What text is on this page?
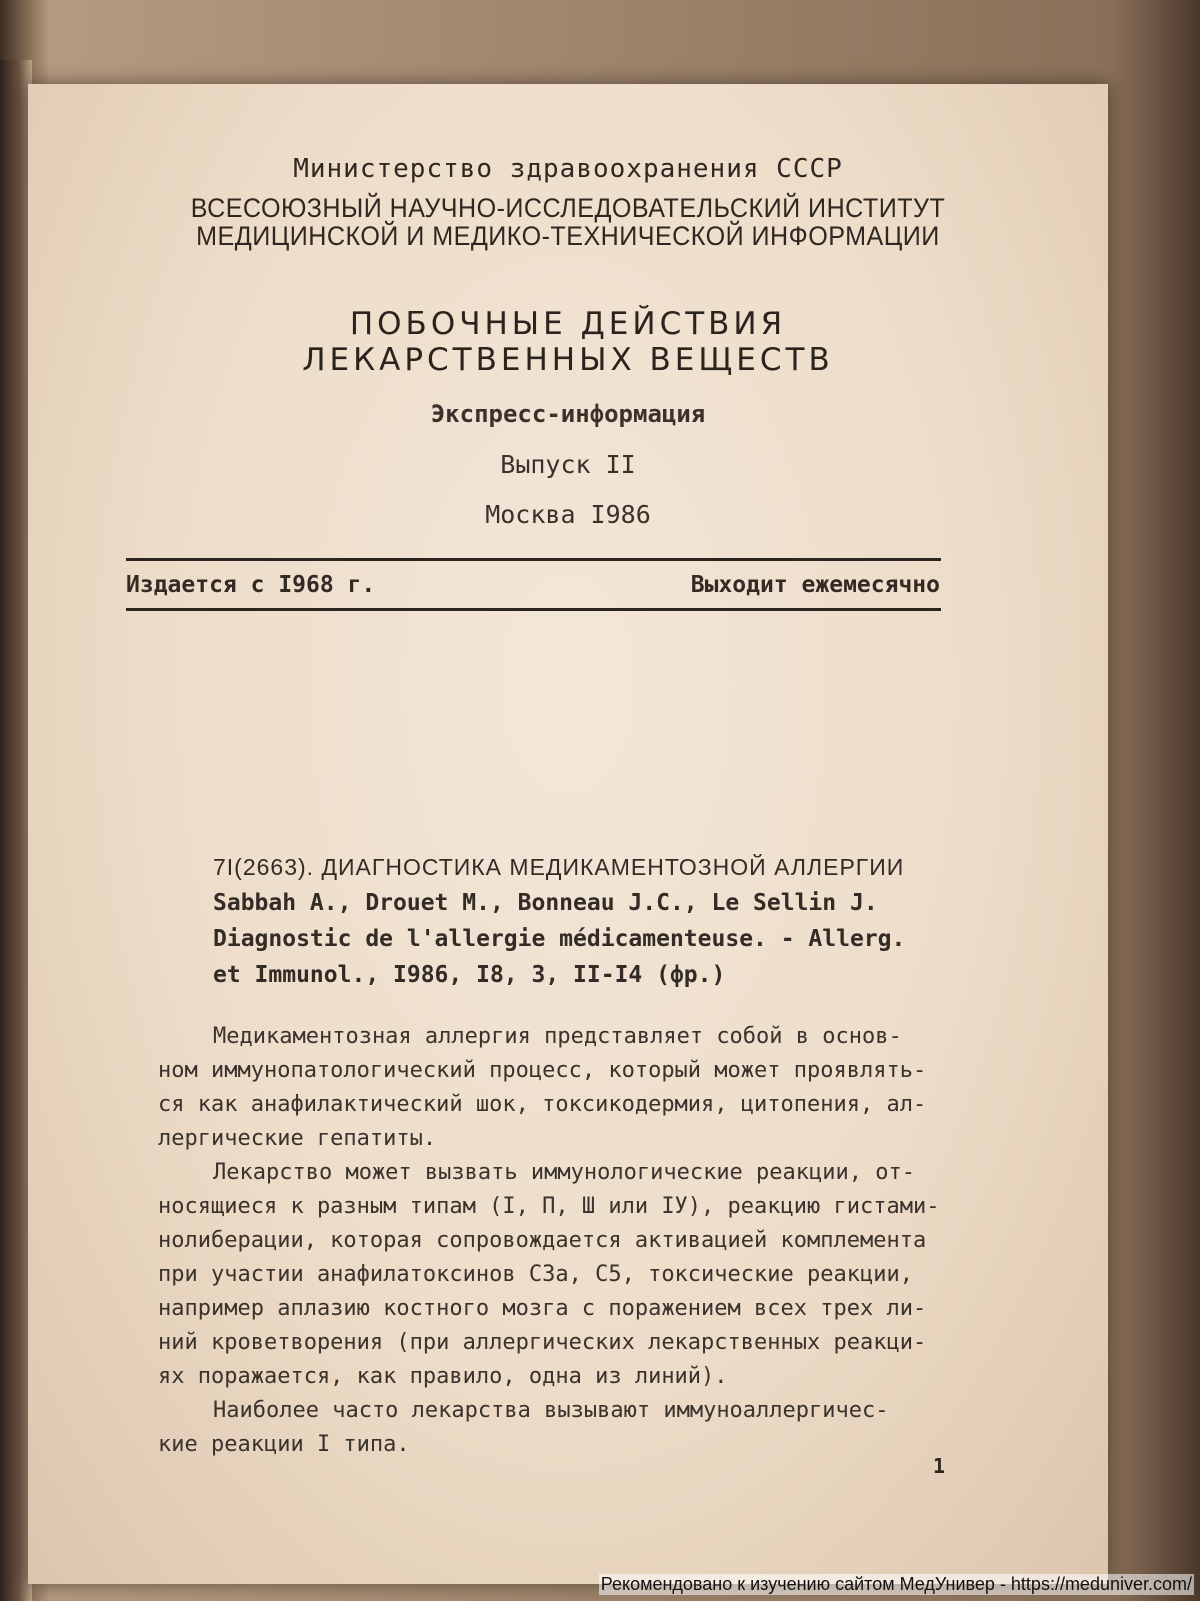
Министерство здравоохранения СССР
ВСЕСОЮЗНЫЙ НАУЧНО-ИССЛЕДОВАТЕЛЬСКИЙ ИНСТИТУТ
МЕДИЦИНСКОЙ И МЕДИКО-ТЕХНИЧЕСКОЙ ИНФОРМАЦИИ
ПОБОЧНЫЕ ДЕЙСТВИЯ
ЛЕКАРСТВЕННЫХ ВЕЩЕСТВ
Экспресс-информация
Выпуск II
Москва I986
Издается с I968 г.	Выходит ежемесячно
7I(2663). ДИАГНОСТИКА МЕДИКАМЕНТОЗНОЙ АЛЛЕРГИИ
Sabbah A., Drouet M., Bonneau J.C., Le Sellin J.
Diagnostic de l'allergie médicamenteuse. - Allerg.
et Immunol., I986, I8, 3, II-I4 (фр.)

Медикаментозная аллергия представляет собой в основ-

ном иммунопатологический процесс, который может проявлять-

ся как анафилактический шок, токсикодермия, цитопения, ал-

лергические гепатиты.

Лекарство может вызвать иммунологические реакции, от-

носящиеся к разным типам (I, П, Ш или IУ), реакцию гистами-

нолиберации, которая сопровождается активацией комплемента

при участии анафилатоксинов C3a, C5, токсические реакции,

например аплазию костного мозга с поражением всех трех ли-

ний кроветворения (при аллергических лекарственных реакци-

ях поражается, как правило, одна из линий).

Наиболее часто лекарства вызывают иммуноаллергичес-

кие реакции I типа.

1
Рекомендовано к изучению сайтом МедУнивер - https://meduniver.com/
